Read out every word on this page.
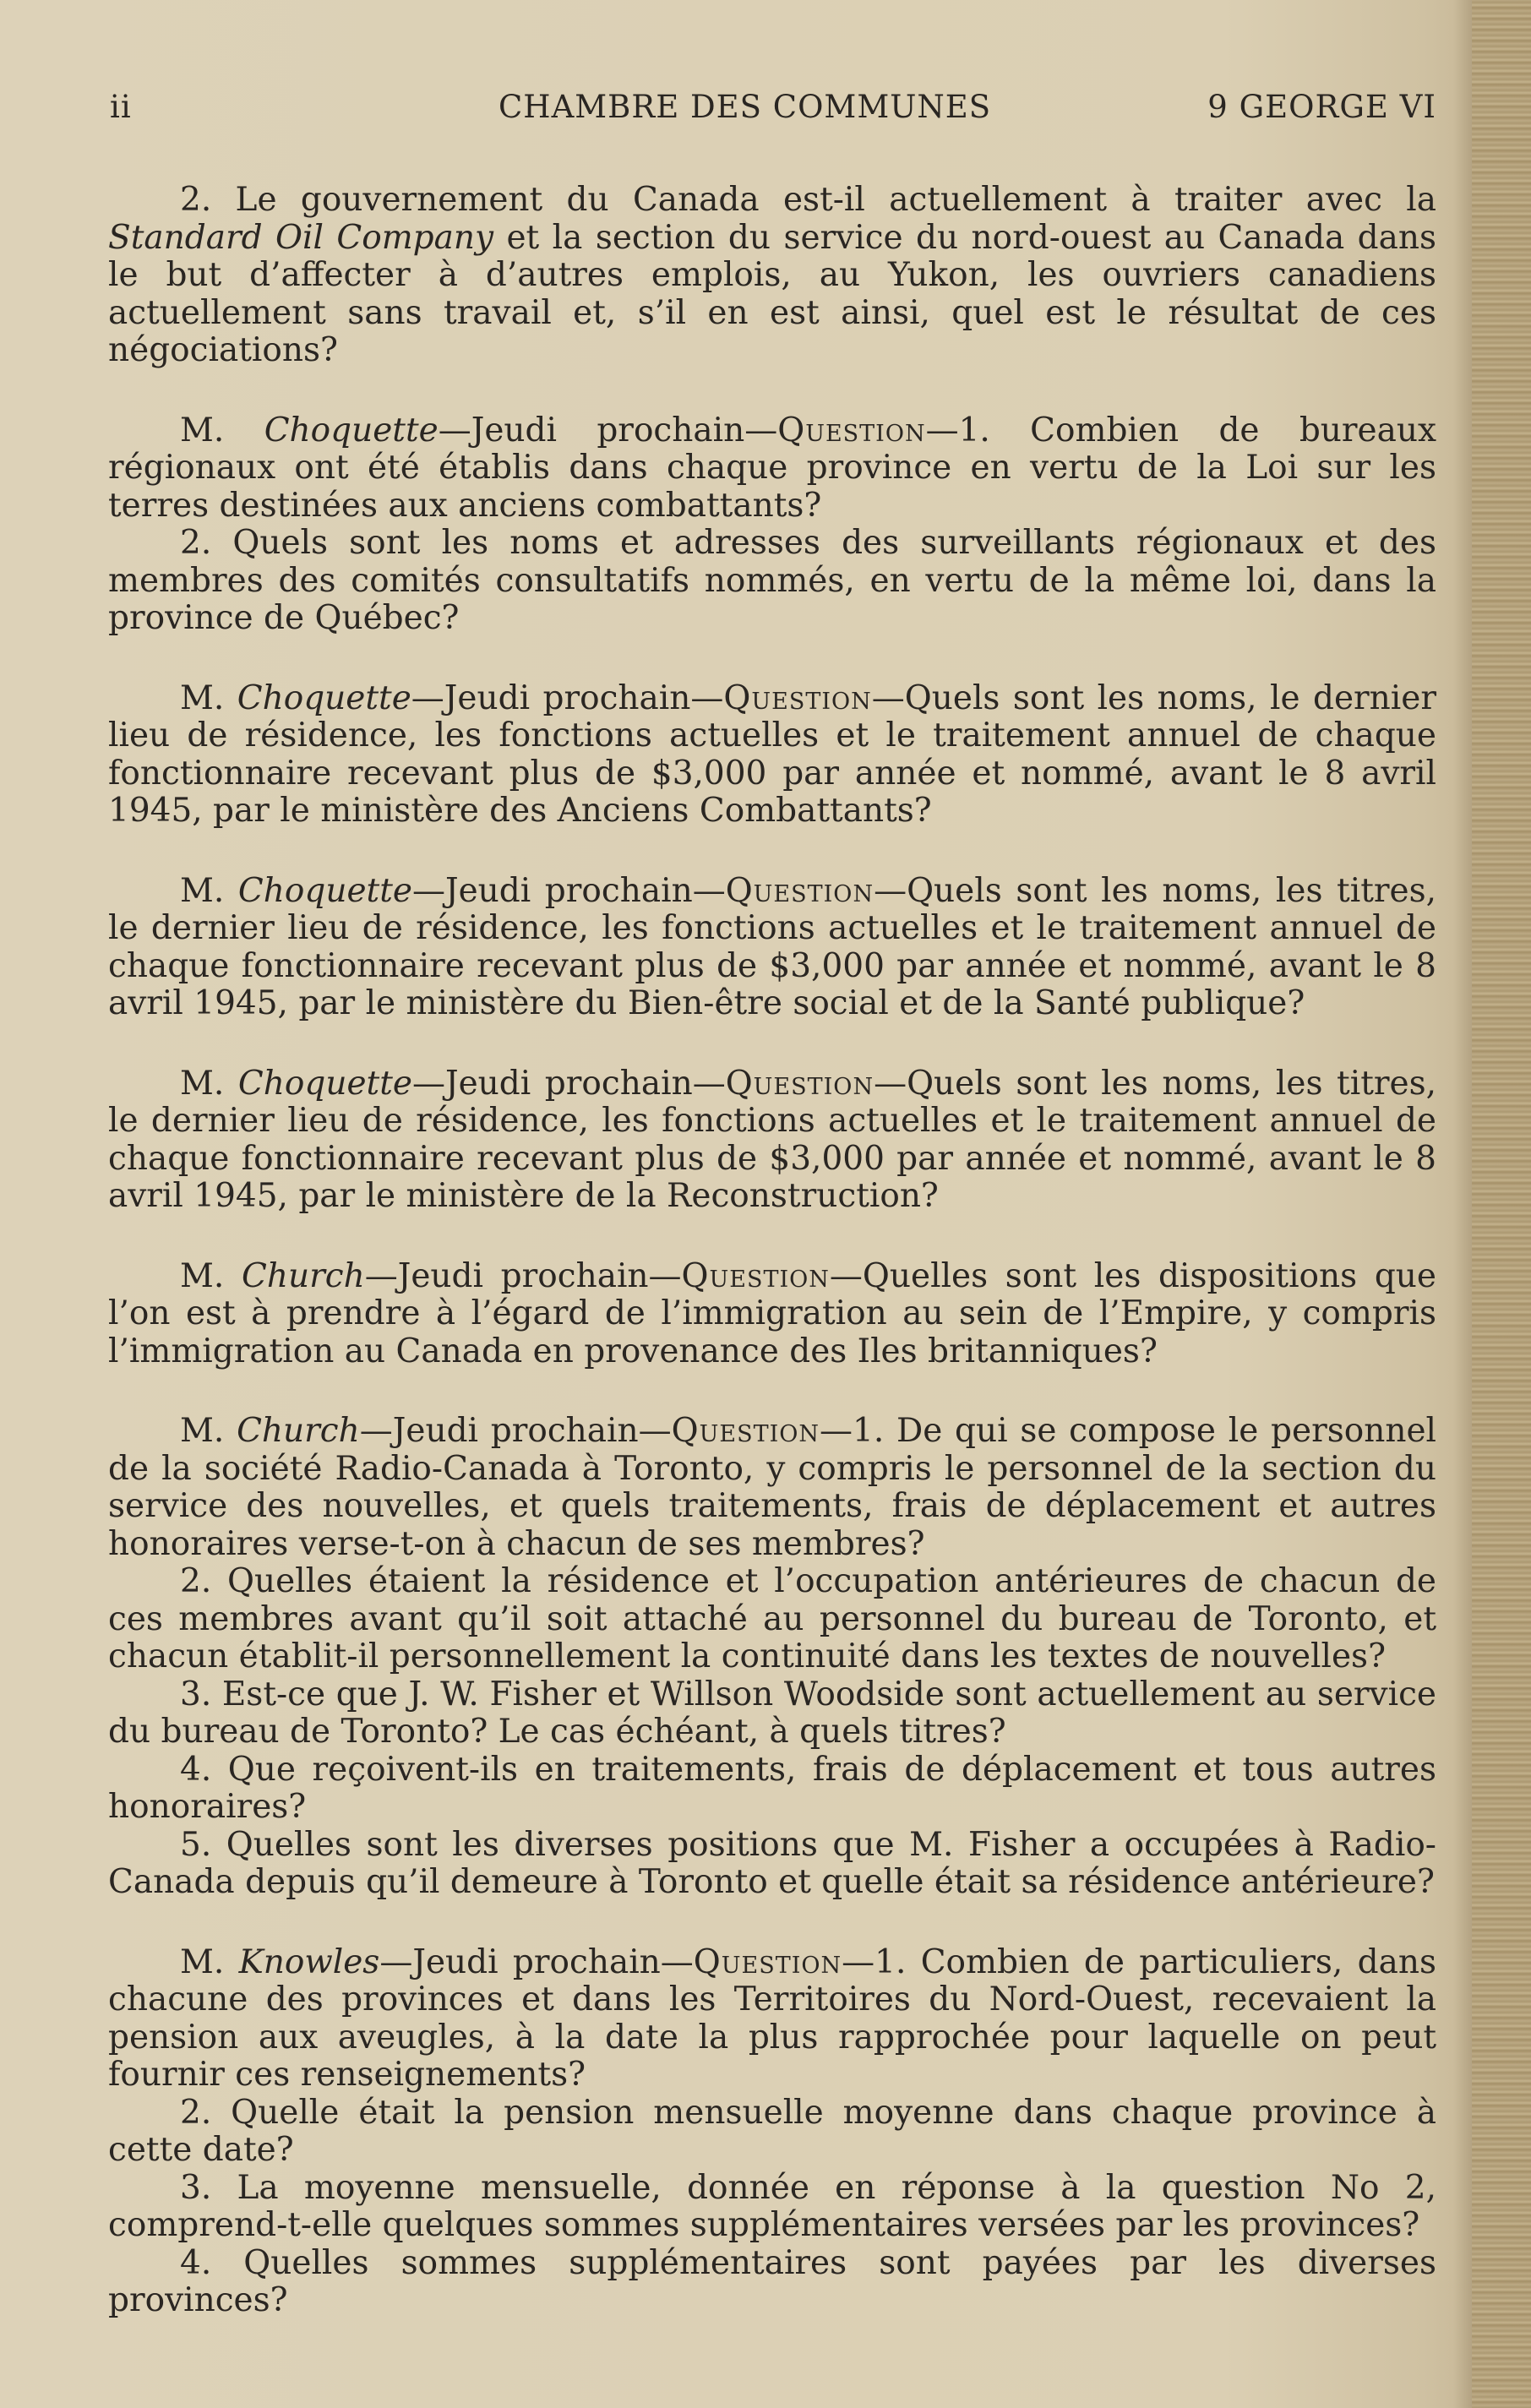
ii	CHAMBRE DES COMMUNES	9 GEORGE VI

2. Le gouvernement du Canada est-il actuellement à traiter avec la Standard Oil Company et la section du service du nord-ouest au Canada dans le but d’affecter à d’autres emplois, au Yukon, les ouvriers canadiens actuellement sans travail et, s’il en est ainsi, quel est le résultat de ces négociations?

M. Choquette—Jeudi prochain—Question—1. Combien de bureaux régionaux ont été établis dans chaque province en vertu de la Loi sur les terres destinées aux anciens combattants?

2. Quels sont les noms et adresses des surveillants régionaux et des membres des comités consultatifs nommés, en vertu de la même loi, dans la province de Québec?

M. Choquette—Jeudi prochain—Question—Quels sont les noms, le dernier lieu de résidence, les fonctions actuelles et le traitement annuel de chaque fonctionnaire recevant plus de $3,000 par année et nommé, avant le 8 avril 1945, par le ministère des Anciens Combattants?

M. Choquette—Jeudi prochain—Question—Quels sont les noms, les titres, le dernier lieu de résidence, les fonctions actuelles et le traitement annuel de chaque fonctionnaire recevant plus de $3,000 par année et nommé, avant le 8 avril 1945, par le ministère du Bien-être social et de la Santé publique?

M. Choquette—Jeudi prochain—Question—Quels sont les noms, les titres, le dernier lieu de résidence, les fonctions actuelles et le traitement annuel de chaque fonctionnaire recevant plus de $3,000 par année et nommé, avant le 8 avril 1945, par le ministère de la Reconstruction?

M. Church—Jeudi prochain—Question—Quelles sont les dispositions que l’on est à prendre à l’égard de l’immigration au sein de l’Empire, y compris l’immigration au Canada en provenance des Iles britanniques?

M. Church—Jeudi prochain—Question—1. De qui se compose le personnel de la société Radio-Canada à Toronto, y compris le personnel de la section du service des nouvelles, et quels traitements, frais de déplacement et autres honoraires verse-t-on à chacun de ses membres?

2. Quelles étaient la résidence et l’occupation antérieures de chacun de ces membres avant qu’il soit attaché au personnel du bureau de Toronto, et chacun établit-il personnellement la continuité dans les textes de nouvelles?

3. Est-ce que J. W. Fisher et Willson Woodside sont actuellement au service du bureau de Toronto? Le cas échéant, à quels titres?

4. Que reçoivent-ils en traitements, frais de déplacement et tous autres honoraires?

5. Quelles sont les diverses positions que M. Fisher a occupées à Radio-Canada depuis qu’il demeure à Toronto et quelle était sa résidence antérieure?

M. Knowles—Jeudi prochain—Question—1. Combien de particuliers, dans chacune des provinces et dans les Territoires du Nord-Ouest, recevaient la pension aux aveugles, à la date la plus rapprochée pour laquelle on peut fournir ces renseignements?

2. Quelle était la pension mensuelle moyenne dans chaque province à cette date?

3. La moyenne mensuelle, donnée en réponse à la question No 2, comprend-t-elle quelques sommes supplémentaires versées par les provinces?

4. Quelles sommes supplémentaires sont payées par les diverses provinces?
